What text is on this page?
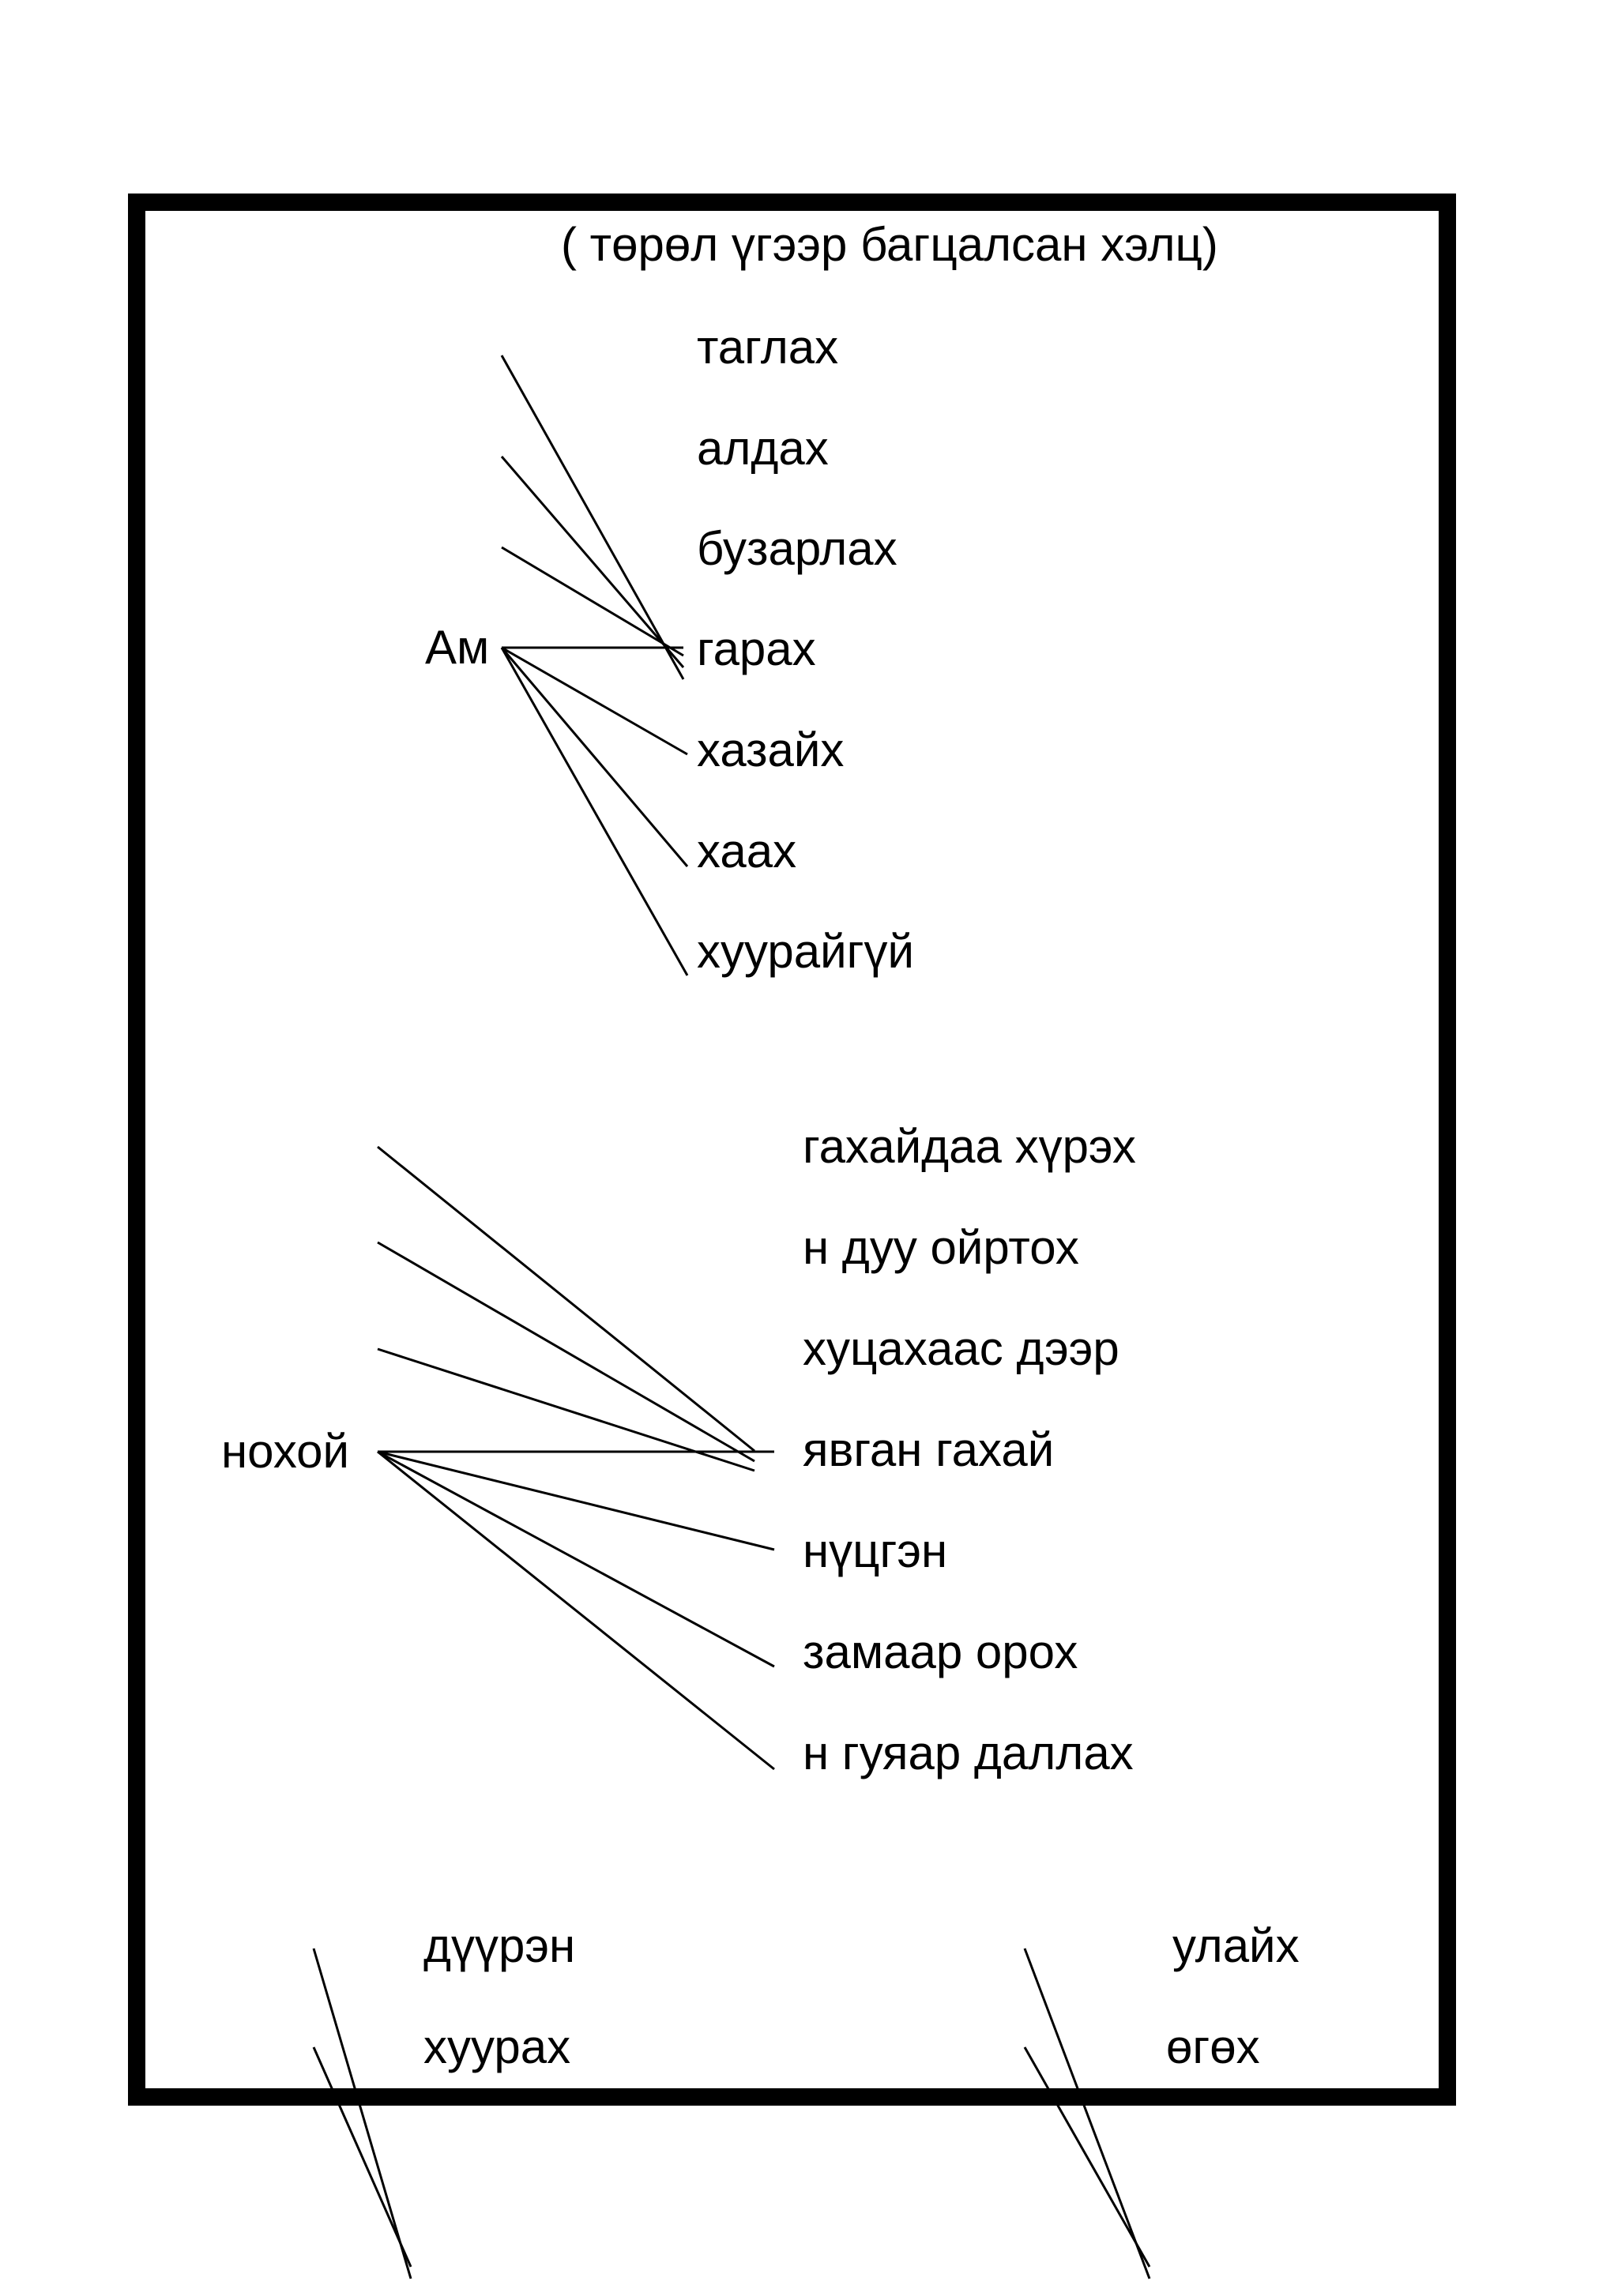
( төрөл үгээр багцалсан хэлц)
Ам
таглах
алдах
бузарлах
гарах
хазайх
хаах
хуурайгүй
нохой
гахайдаа хүрэх
н дуу ойртох
хуцахаас дээр
явган гахай
нүцгэн
замаар орох
н гуяар даллах
дүүрэн
хуурах
улайх
өгөх
